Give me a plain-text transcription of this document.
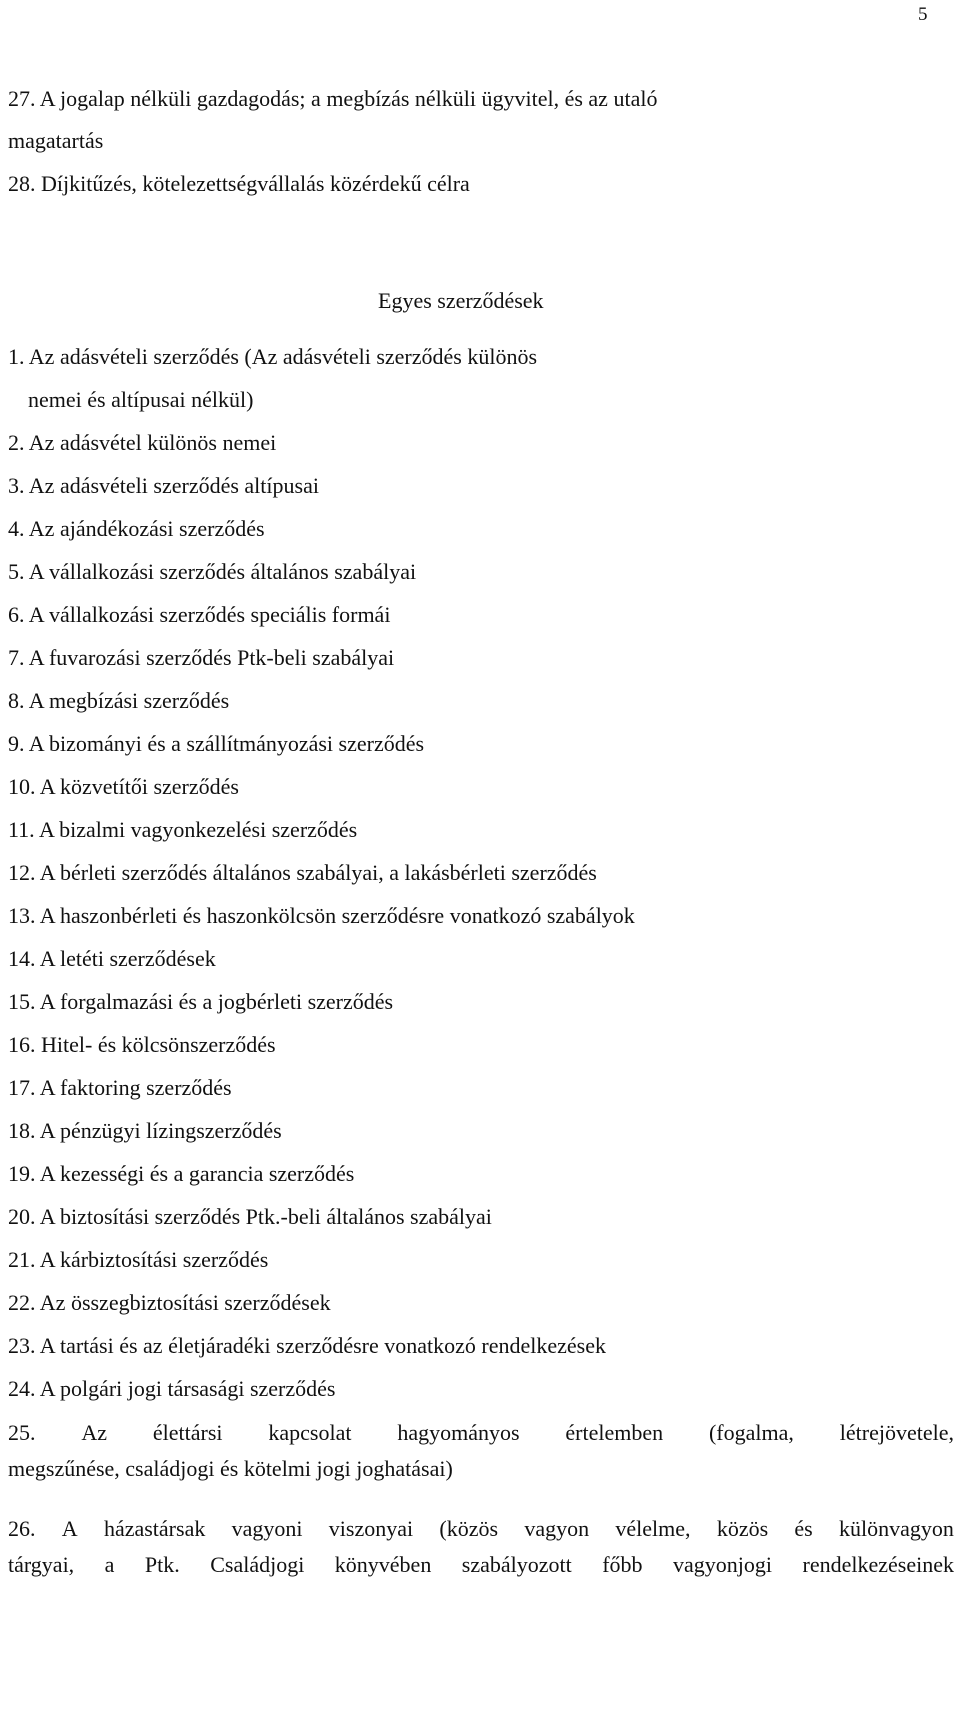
5
27. A jogalap nélküli gazdagodás; a megbízás nélküli ügyvitel, és az utaló
magatartás
28. Díjkitűzés, kötelezettségvállalás közérdekű célra
Egyes szerződések
1. Az adásvételi szerződés (Az adásvételi szerződés különös
nemei és altípusai nélkül)
2. Az adásvétel különös nemei
3. Az adásvételi szerződés altípusai
4. Az ajándékozási szerződés
5. A vállalkozási szerződés általános szabályai
6. A vállalkozási szerződés speciális formái
7. A fuvarozási szerződés Ptk-beli szabályai
8. A megbízási szerződés
9. A bizományi és a szállítmányozási szerződés
10. A közvetítői szerződés
11. A bizalmi vagyonkezelési szerződés
12. A bérleti szerződés általános szabályai, a lakásbérleti szerződés
13. A haszonbérleti és haszonkölcsön szerződésre vonatkozó szabályok
14. A letéti szerződések
15. A forgalmazási és a jogbérleti szerződés
16. Hitel- és kölcsönszerződés
17. A faktoring szerződés
18. A pénzügyi lízingszerződés
19. A kezességi és a garancia szerződés
20. A biztosítási szerződés Ptk.-beli általános szabályai
21. A kárbiztosítási szerződés
22. Az összegbiztosítási szerződések
23. A tartási és az életjáradéki szerződésre vonatkozó rendelkezések
24. A polgári jogi társasági szerződés
25. Az élettársi kapcsolat hagyományos értelemben (fogalma, létrejövetele,
megszűnése, családjogi és kötelmi jogi joghatásai)
26. A házastársak vagyoni viszonyai (közös vagyon vélelme, közös és különvagyon
tárgyai, a Ptk. Családjogi könyvében szabályozott főbb vagyonjogi rendelkezéseinek
